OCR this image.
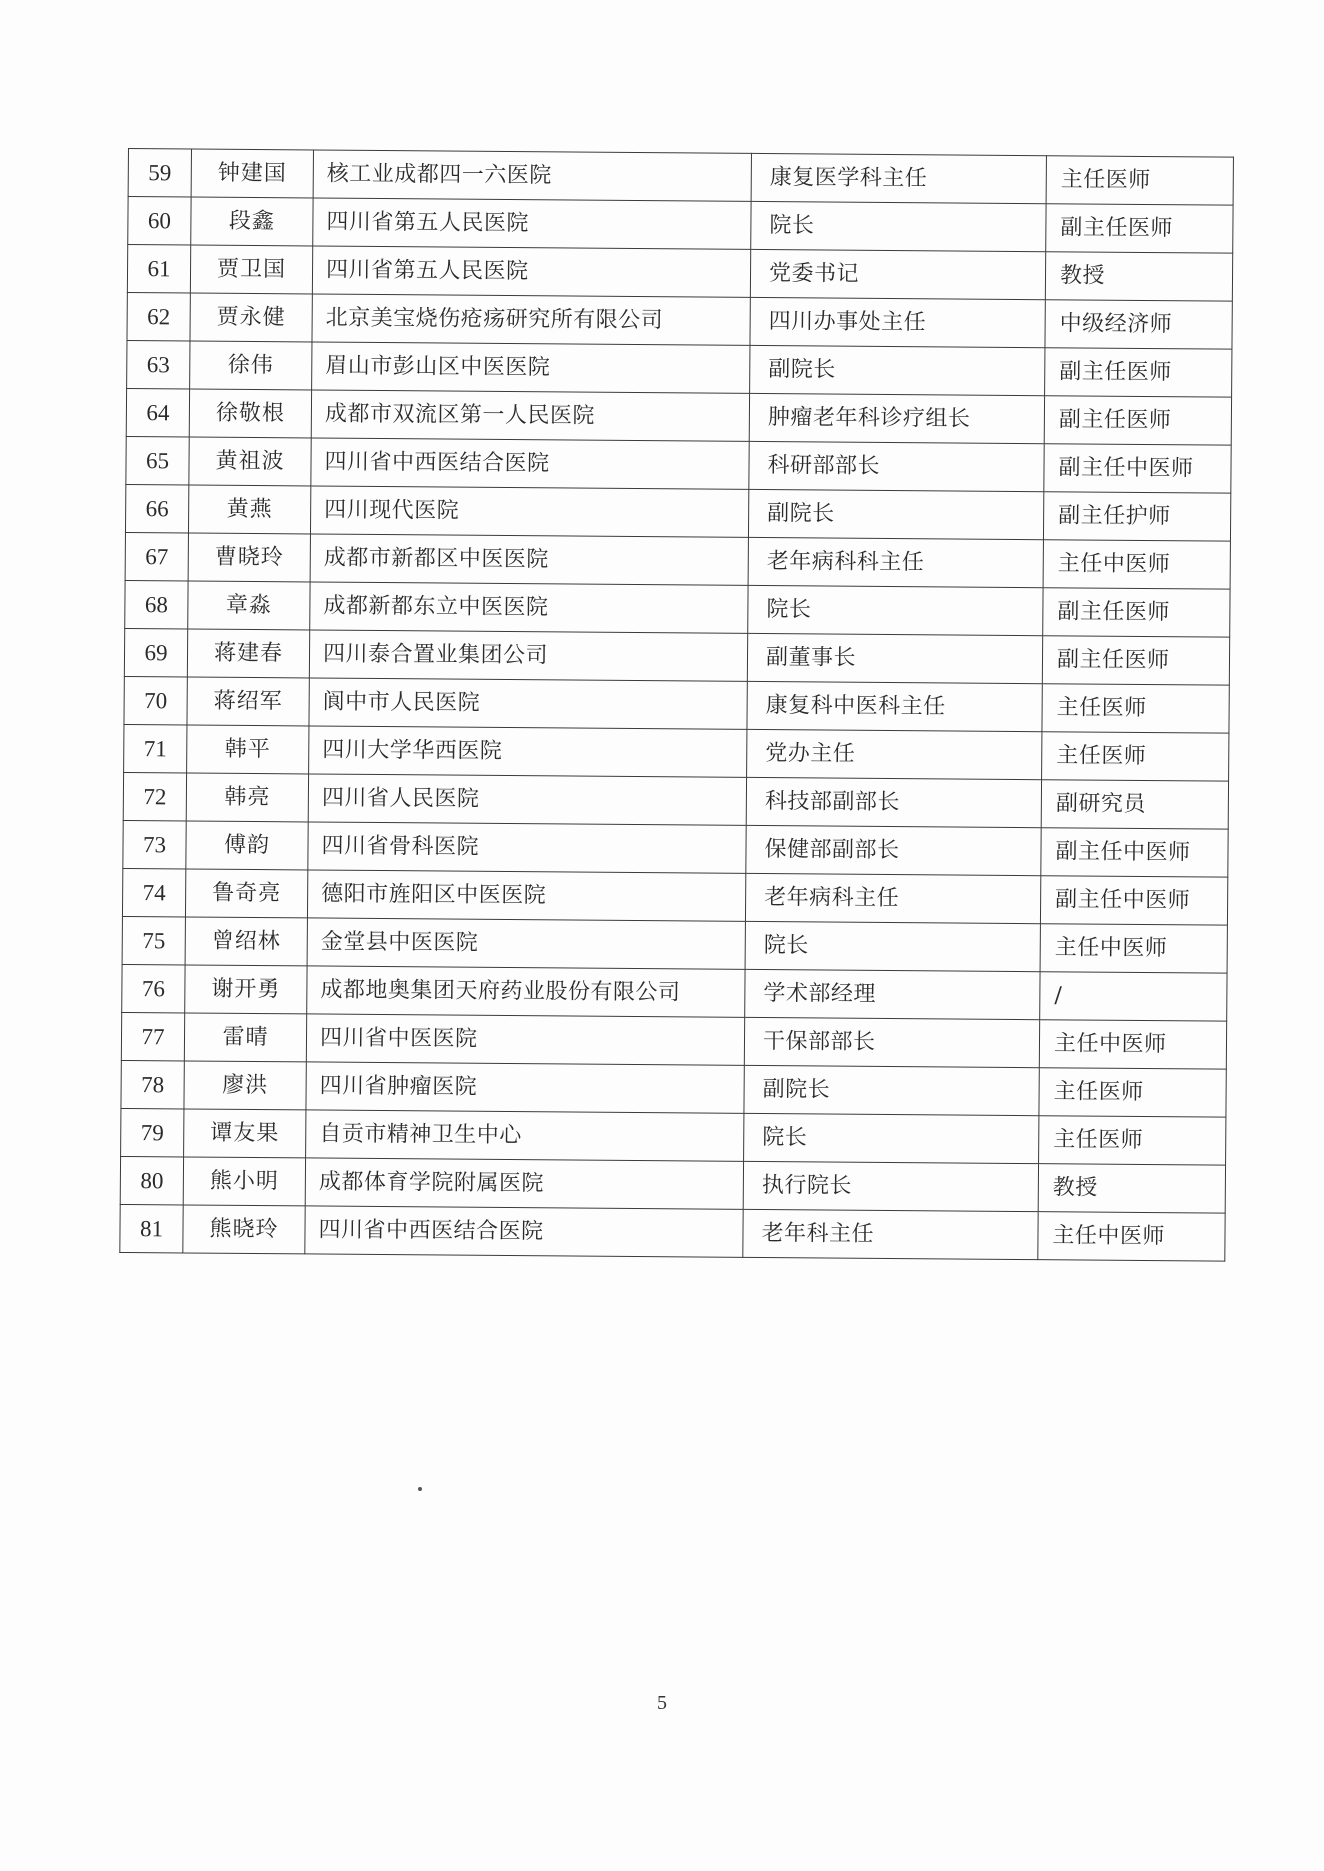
59	钟建国	核工业成都四一六医院	康复医学科主任	主任医师
60	段鑫	四川省第五人民医院	院长	副主任医师
61	贾卫国	四川省第五人民医院	党委书记	教授
62	贾永健	北京美宝烧伤疮疡研究所有限公司	四川办事处主任	中级经济师
63	徐伟	眉山市彭山区中医医院	副院长	副主任医师
64	徐敬根	成都市双流区第一人民医院	肿瘤老年科诊疗组长	副主任医师
65	黄祖波	四川省中西医结合医院	科研部部长	副主任中医师
66	黄燕	四川现代医院	副院长	副主任护师
67	曹晓玲	成都市新都区中医医院	老年病科科主任	主任中医师
68	章淼	成都新都东立中医医院	院长	副主任医师
69	蒋建春	四川泰合置业集团公司	副董事长	副主任医师
70	蒋绍军	阆中市人民医院	康复科中医科主任	主任医师
71	韩平	四川大学华西医院	党办主任	主任医师
72	韩亮	四川省人民医院	科技部副部长	副研究员
73	傅韵	四川省骨科医院	保健部副部长	副主任中医师
74	鲁奇亮	德阳市旌阳区中医医院	老年病科主任	副主任中医师
75	曾绍林	金堂县中医医院	院长	主任中医师
76	谢开勇	成都地奥集团天府药业股份有限公司	学术部经理	/
77	雷晴	四川省中医医院	干保部部长	主任中医师
78	廖洪	四川省肿瘤医院	副院长	主任医师
79	谭友果	自贡市精神卫生中心	院长	主任医师
80	熊小明	成都体育学院附属医院	执行院长	教授
81	熊晓玲	四川省中西医结合医院	老年科主任	主任中医师
5
